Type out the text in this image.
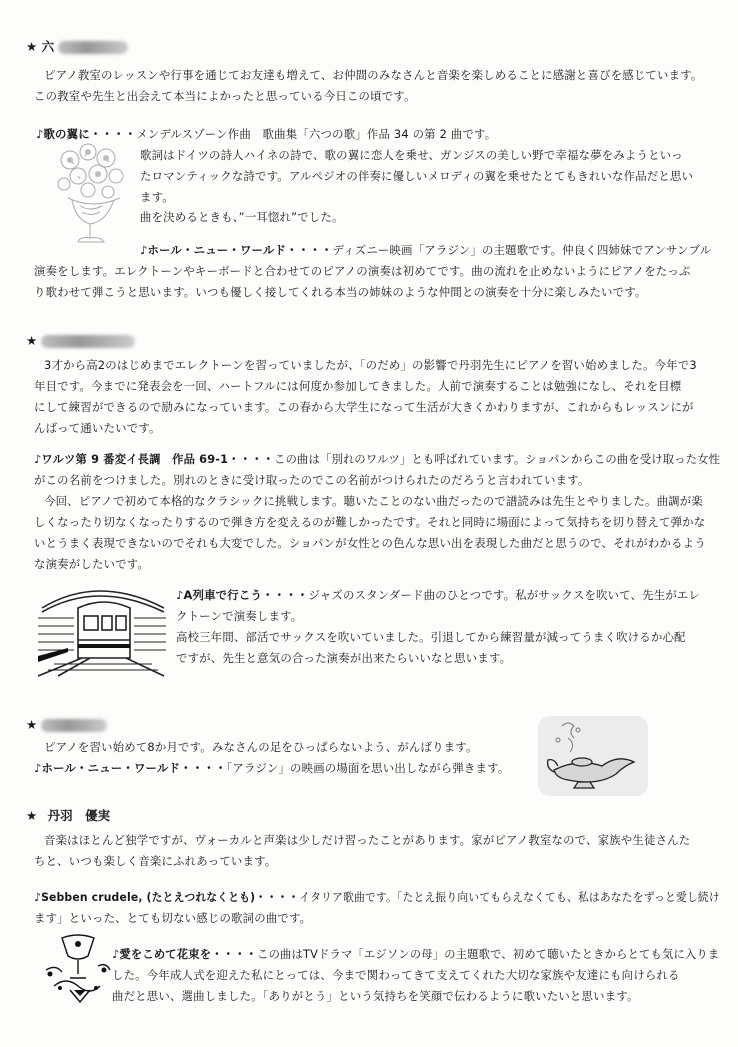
★ 六
ピアノ教室のレッスンや行事を通じてお友達も増えて、お仲間のみなさんと音楽を楽しめることに感謝と喜びを感じています。
この教室や先生と出会えて本当によかったと思っている今日この頃です。
♪歌の翼に・・・・メンデルスゾーン作曲　歌曲集「六つの歌」作品 34 の第 2 曲です。
歌詞はドイツの詩人ハイネの詩で、歌の翼に恋人を乗せ、ガンジスの美しい野で幸福な夢をみようといっ
たロマンティックな詩です。アルペジオの伴奏に優しいメロディの翼を乗せたとてもきれいな作品だと思い
ます。
曲を決めるときも、”一耳惚れ”でした。
♪ホール・ニュー・ワールド・・・・ディズニー映画「アラジン」の主題歌です。仲良く四姉妹でアンサンブル
演奏をします。エレクトーンやキーボードと合わせてのピアノの演奏は初めてです。曲の流れを止めないようにピアノをたっぷ
り歌わせて弾こうと思います。いつも優しく接してくれる本当の姉妹のような仲間との演奏を十分に楽しみたいです。
★
3才から高2のはじめまでエレクトーンを習っていましたが、「のだめ」の影響で丹羽先生にピアノを習い始めました。今年で3
年目です。今までに発表会を一回、ハートフルには何度か参加してきました。人前で演奏することは勉強になし、それを目標
にして練習ができるので励みになっています。この春から大学生になって生活が大きくかわりますが、これからもレッスンにが
んばって通いたいです。
♪ワルツ第 9 番変イ長調　作品 69-1・・・・この曲は「別れのワルツ」とも呼ばれています。ショパンからこの曲を受け取った女性
がこの名前をつけました。別れのときに受け取ったのでこの名前がつけられたのだろうと言われています。
今回、ピアノで初めて本格的なクラシックに挑戦します。聴いたことのない曲だったので譜読みは先生とやりました。曲調が楽
しくなったり切なくなったりするので弾き方を変えるのが難しかったです。それと同時に場面によって気持ちを切り替えて弾かな
いとうまく表現できないのでそれも大変でした。ショパンが女性との色んな思い出を表現した曲だと思うので、それがわかるよう
な演奏がしたいです。
♪A列車で行こう・・・・ジャズのスタンダード曲のひとつです。私がサックスを吹いて、先生がエレ
クトーンで演奏します。
高校三年間、部活でサックスを吹いていました。引退してから練習量が減ってうまく吹けるか心配
ですが、先生と意気の合った演奏が出来たらいいなと思います。
★
ピアノを習い始めて8か月です。みなさんの足をひっぱらないよう、がんばります。
♪ホール・ニュー・ワールド・・・・「アラジン」の映画の場面を思い出しながら弾きます。
★ 丹羽　優実
音楽はほとんど独学ですが、ヴォーカルと声楽は少しだけ習ったことがあります。家がピアノ教室なので、家族や生徒さんた
ちと、いつも楽しく音楽にふれあっています。
♪Sebben crudele, (たとえつれなくとも)・・・・イタリア歌曲です。「たとえ振り向いてもらえなくても、私はあなたをずっと愛し続け
ます」といった、とても切ない感じの歌詞の曲です。
♪愛をこめて花束を・・・・この曲はTVドラマ「エジソンの母」の主題歌で、初めて聴いたときからとても気に入りま
した。今年成人式を迎えた私にとっては、今まで関わってきて支えてくれた大切な家族や友達にも向けられる
曲だと思い、選曲しました。「ありがとう」という気持ちを笑顔で伝わるように歌いたいと思います。
